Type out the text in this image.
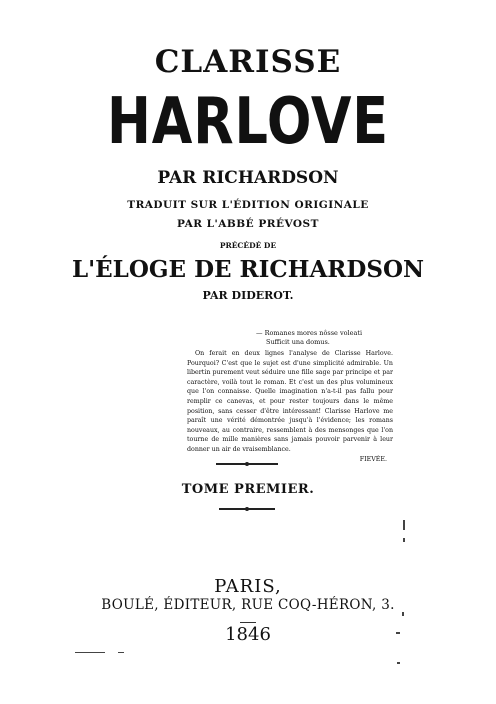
CLARISSE
HARLOVE
PAR RICHARDSON
TRADUIT SUR L'ÉDITION ORIGINALE
PAR L'ABBÉ PRÉVOST
PRÉCÉDÉ DE
L'ÉLOGE DE RICHARDSON
PAR DIDEROT.
— Romanes mores nôsse voleati
Sufficit una domus.

On ferait en deux lignes l'analyse de Clarisse Harlove. Pourquoi? C'est que le sujet est d'une simplicité admirable. Un libertin purement veut séduire une fille sage par principe et par caractère, voilà tout le roman. Et c'est un des plus volumineux que l'on connaisse. Quelle imagination n'a-t-il pas fallu pour remplir ce canevas, et pour rester toujours dans le même position, sans cesser d'être intéressant! Clarisse Harlove me paraît une vérité démontrée jusqu'à l'évidence; les romans nouveaux, au contraire, ressemblent à des mensonges que l'on tourne de mille manières sans jamais pouvoir parvenir à leur donner un air de vraisemblance.

FIEVÉE.
TOME PREMIER.
PARIS,
BOULÉ, ÉDITEUR, RUE COQ-HÉRON, 3.
1846
